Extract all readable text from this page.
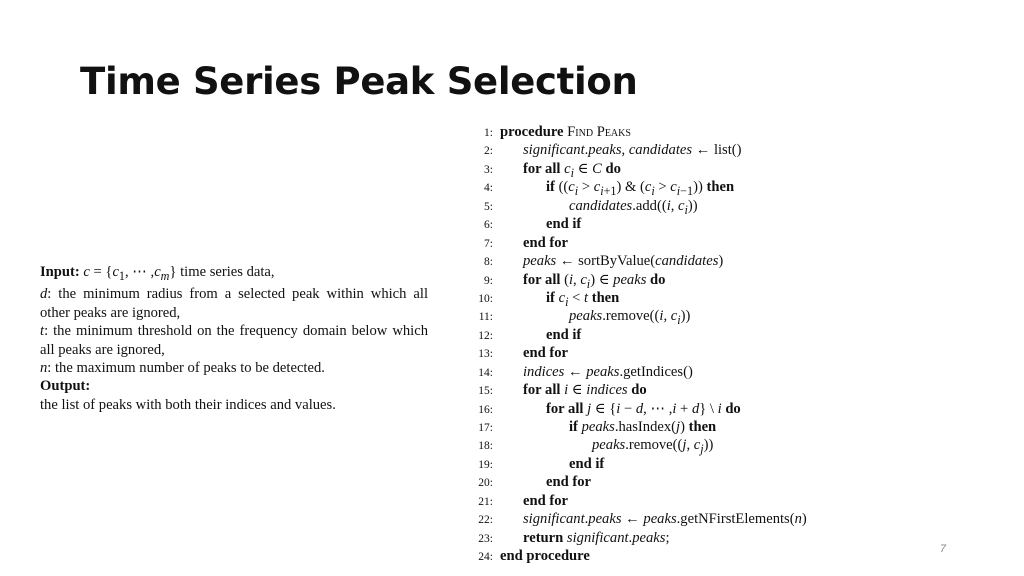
Time Series Peak Selection

Input: $c = \{c_1$, ⋯ $,c_m$} time series data,

d: the minimum radius from a selected peak within which all other peaks are ignored,

t: the minimum threshold on the frequency domain below which all peaks are ignored,

n: the maximum number of peaks to be detected.

Output:

the list of peaks with both their indices and values.

1: procedure Find Peaks
2: significant.peaks, candidates ← list()
3: for all $c_i$ ∈ C do
4:	if ($(c_i > c_{i+1})$ & $(c_i > c_{i-1})$) then
5:	candidates.add((i, $c_i$))
6:	end if
7: end for
8: peaks ← sortByValue(candidates)
9: for all (i, $c_i$) ∈ peaks do
10:	if $c_i < t$ then
11:	peaks.remove((i, $c_i$))
12:	end if
13: end for
14: indices ← peaks.getIndices()
15: for all i ∈ indices do
16:	for all j ∈ {i − d, ⋯ ,i + d} \ i do
17:	if peaks.hasIndex(j) then
18:	peaks.remove((j, $c_j$))
19:	end if
20:	end for
21: end for
22: significant.peaks ← peaks.getNFirstElements(n)
23: return significant.peaks;
24: end procedure	7
